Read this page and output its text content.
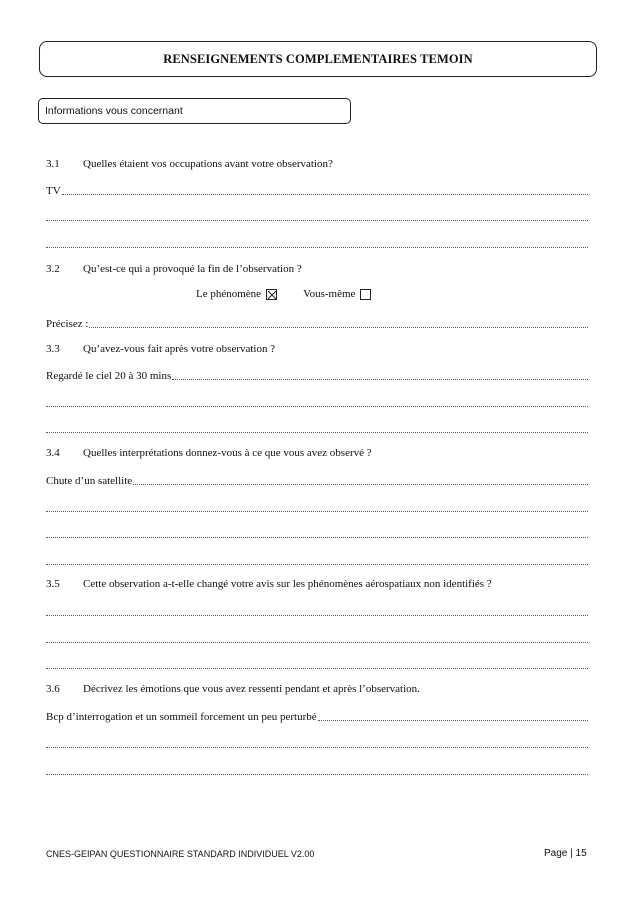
RENSEIGNEMENTS COMPLEMENTAIRES TEMOIN
Informations vous concernant
3.1 Quelles étaient vos occupations avant votre observation?
TV
3.2 Qu’est-ce qui a provoqué la fin de l’observation ?
Le phénomène	Vous-même
Précisez :
3.3 Qu’avez-vous fait après votre observation ?
Regardé le ciel 20 à 30 mins
3.4 Quelles interprétations donnez-vous à ce que vous avez observé ?
Chute d’un satellite
3.5 Cette observation a-t-elle changé votre avis sur les phénomènes aérospatiaux non identifiés ?
3.6 Décrivez les émotions que vous avez ressenti pendant et après l’observation.
Bcp d’interrogation et un sommeil forcement un peu perturbé
CNES-GEIPAN QUESTIONNAIRE STANDARD INDIVIDUEL V2.00	Page | 15
